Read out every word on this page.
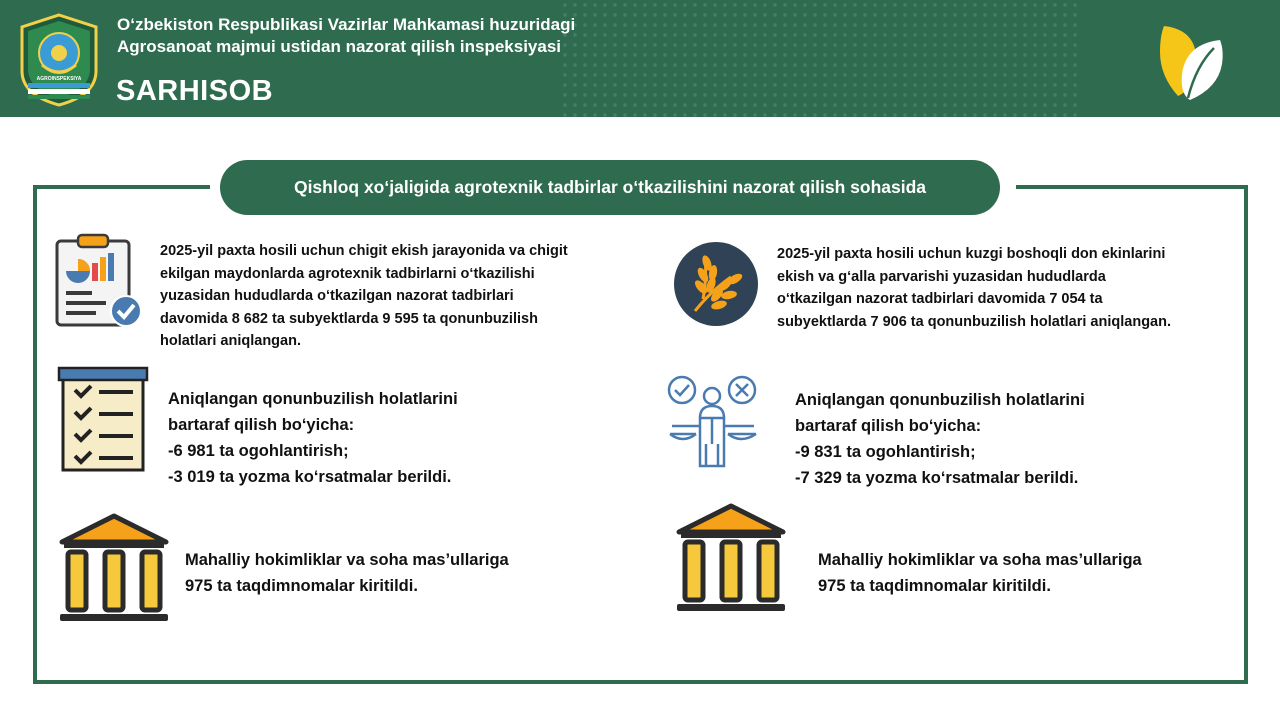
AGROINSPEKSIYA
O‘zbekiston Respublikasi Vazirlar Mahkamasi huzuridagi
Agrosanoat majmui ustidan nazorat qilish inspeksiyasi
SARHISOB
Qishloq xo‘jaligida agrotexnik tadbirlar o‘tkazilishini nazorat qilish sohasida
2025-yil paxta hosili uchun chigit ekish jarayonida va chigit
ekilgan maydonlarda agrotexnik tadbirlarni o‘tkazilishi
yuzasidan hududlarda o‘tkazilgan nazorat tadbirlari
davomida 8 682 ta subyektlarda 9 595 ta qonunbuzilish
holatlari aniqlangan.
Aniqlangan qonunbuzilish holatlarini
bartaraf qilish bo‘yicha:
-6 981 ta ogohlantirish;
-3 019 ta yozma ko‘rsatmalar berildi.
Mahalliy hokimliklar va soha mas’ullariga
975 ta taqdimnomalar kiritildi.
2025-yil paxta hosili uchun kuzgi boshoqli don ekinlarini
ekish va g‘alla parvarishi yuzasidan hududlarda
o‘tkazilgan nazorat tadbirlari davomida 7 054 ta
subyektlarda 7 906 ta qonunbuzilish holatlari aniqlangan.
Aniqlangan qonunbuzilish holatlarini
bartaraf qilish bo‘yicha:
-9 831 ta ogohlantirish;
-7 329 ta yozma ko‘rsatmalar berildi.
Mahalliy hokimliklar va soha mas’ullariga
975 ta taqdimnomalar kiritildi.
